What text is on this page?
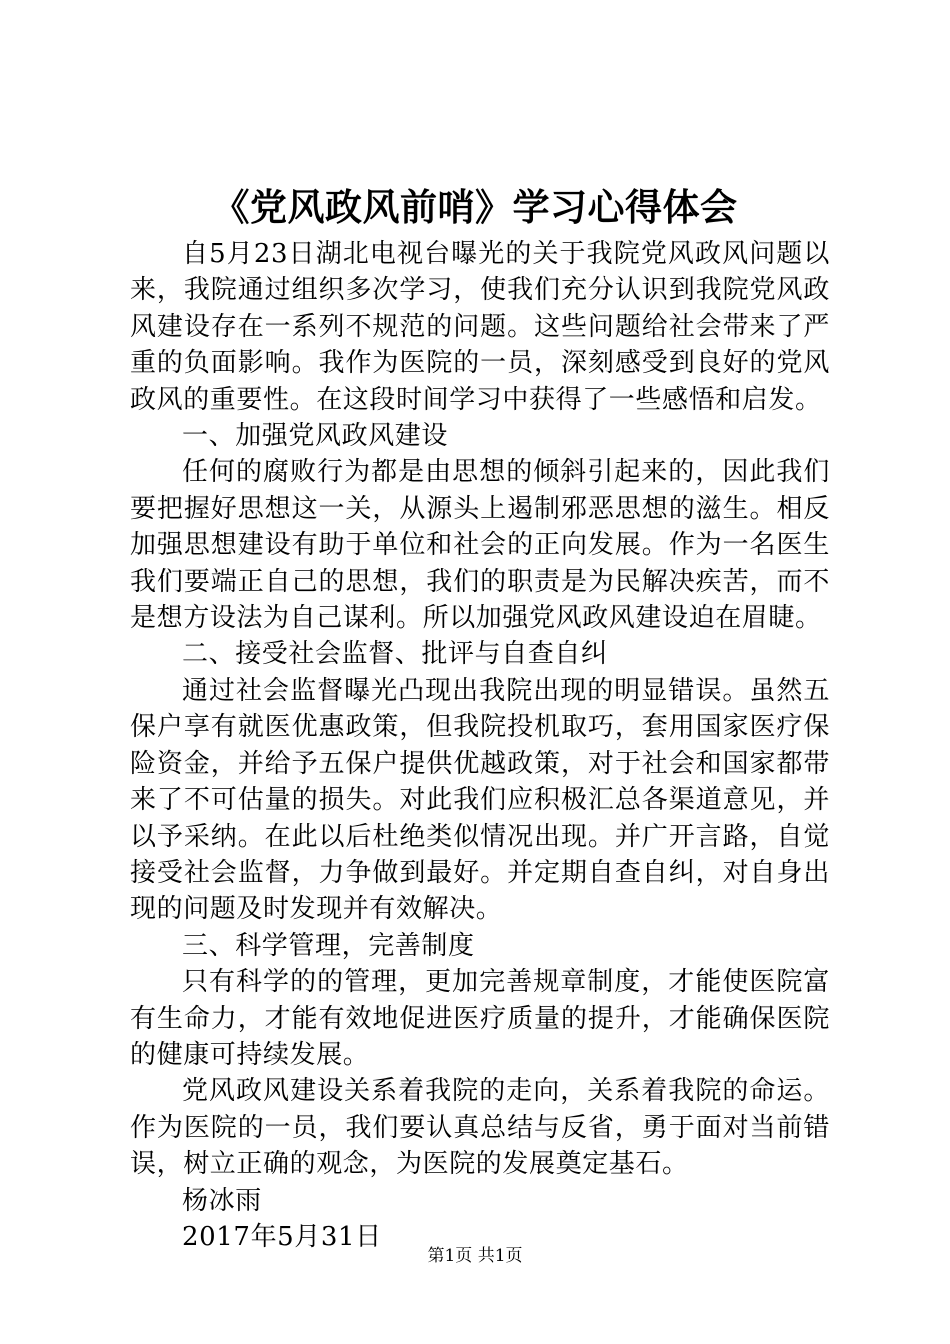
《党风政风前哨》学习心得体会

自5月23日湖北电视台曝光的关于我院党风政风问题以来，我院通过组织多次学习，使我们充分认识到我院党风政风建设存在一系列不规范的问题。这些问题给社会带来了严重的负面影响。我作为医院的一员，深刻感受到良好的党风政风的重要性。在这段时间学习中获得了一些感悟和启发。

一、加强党风政风建设

任何的腐败行为都是由思想的倾斜引起来的，因此我们要把握好思想这一关，从源头上遏制邪恶思想的滋生。相反加强思想建设有助于单位和社会的正向发展。作为一名医生我们要端正自己的思想，我们的职责是为民解决疾苦，而不是想方设法为自己谋利。所以加强党风政风建设迫在眉睫。

二、接受社会监督、批评与自查自纠

通过社会监督曝光凸现出我院出现的明显错误。虽然五保户享有就医优惠政策，但我院投机取巧，套用国家医疗保险资金，并给予五保户提供优越政策，对于社会和国家都带来了不可估量的损失。对此我们应积极汇总各渠道意见，并以予采纳。在此以后杜绝类似情况出现。并广开言路，自觉接受社会监督，力争做到最好。并定期自查自纠，对自身出现的问题及时发现并有效解决。

三、科学管理，完善制度

只有科学的的管理，更加完善规章制度，才能使医院富有生命力，才能有效地促进医疗质量的提升，才能确保医院的健康可持续发展。

党风政风建设关系着我院的走向，关系着我院的命运。作为医院的一员，我们要认真总结与反省，勇于面对当前错误，树立正确的观念，为医院的发展奠定基石。

杨冰雨

2017年5月31日

第1页 共1页
